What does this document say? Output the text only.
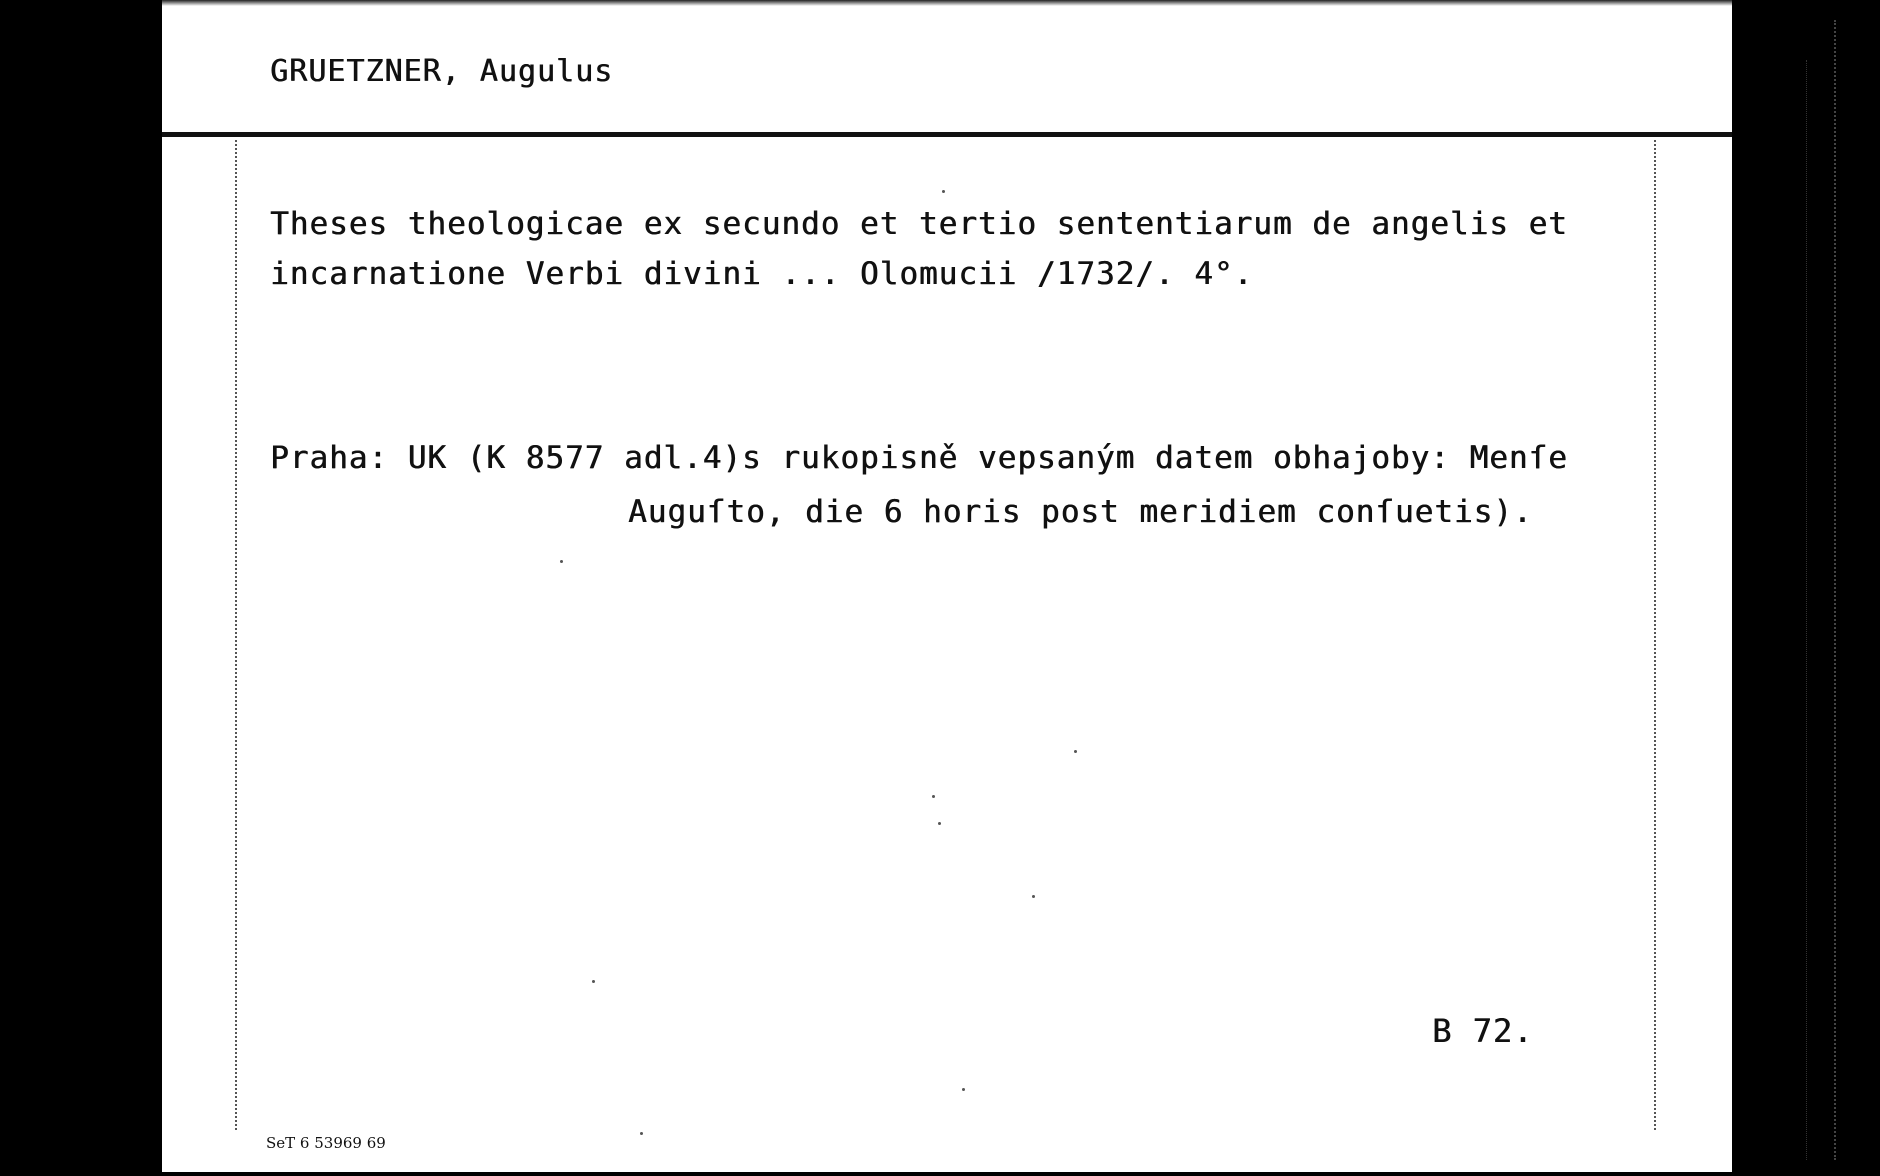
GRUETZNER, Augulus
Theses theologicae ex secundo et tertio sententiarum de angelis et
incarnatione Verbi divini ... Olomucii /1732/. 4°.
Praha: UK (K 8577 adl.4)s rukopisně vepsaným datem obhajoby: Menſe
Auguſto, die 6 horis post meridiem conſuetis).
B 72.
SeT 6 53969 69
